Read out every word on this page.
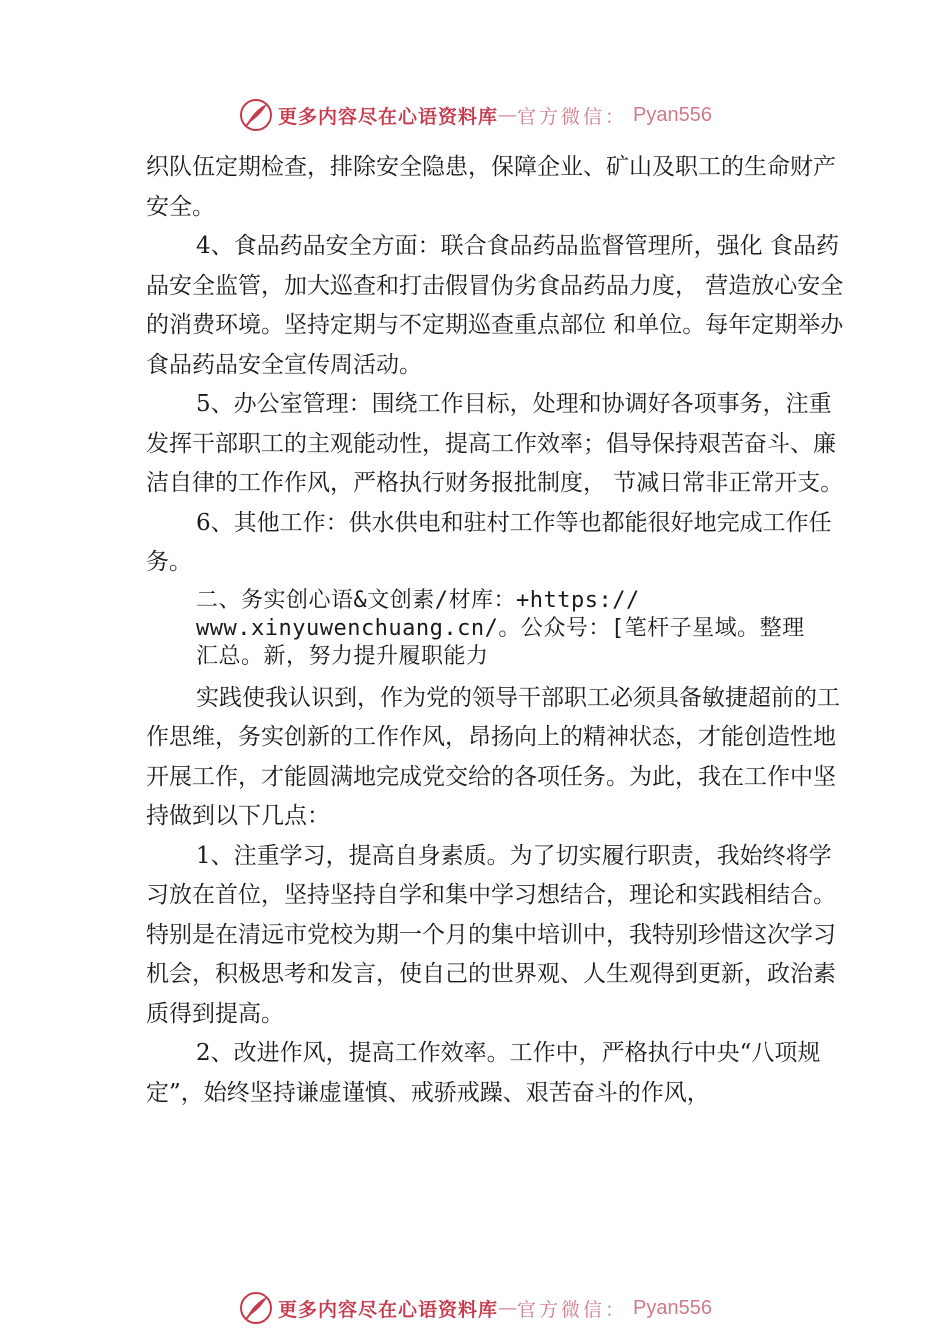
更多内容尽在心语资料库 — 官方微信： Pyan556

织队伍定期检查，排除安全隐患，保障企业、矿山及职工的生命财产安全。

4、食品药品安全方面：联合食品药品监督管理所，强化 食品药品安全监管，加大巡查和打击假冒伪劣食品药品力度， 营造放心安全的消费环境。坚持定期与不定期巡查重点部位 和单位。每年定期举办食品药品安全宣传周活动。

5、办公室管理：围绕工作目标，处理和协调好各项事务，注重发挥干部职工的主观能动性，提高工作效率；倡导保持艰苦奋斗、廉洁自律的工作作风，严格执行财务报批制度， 节减日常非正常开支。

6、其他工作：供水供电和驻村工作等也都能很好地完成工作任务。

二、务实创心语&文创素/材库：+https://
www.xinyuwenchuang.cn/。公众号：[笔杆子星域。整理
汇总。新，努力提升履职能力

实践使我认识到，作为党的领导干部职工必须具备敏捷超前的工作思维，务实创新的工作作风，昂扬向上的精神状态，才能创造性地开展工作，才能圆满地完成党交给的各项任务。为此，我在工作中坚持做到以下几点：

1、注重学习，提高自身素质。为了切实履行职责，我始终将学习放在首位，坚持坚持自学和集中学习想结合，理论和实践相结合。特别是在清远市党校为期一个月的集中培训中，我特别珍惜这次学习机会，积极思考和发言，使自己的世界观、人生观得到更新，政治素质得到提高。

2、改进作风，提高工作效率。工作中，严格执行中央“八项规定”，始终坚持谦虚谨慎、戒骄戒躁、艰苦奋斗的作风，

更多内容尽在心语资料库 — 官方微信： Pyan556
